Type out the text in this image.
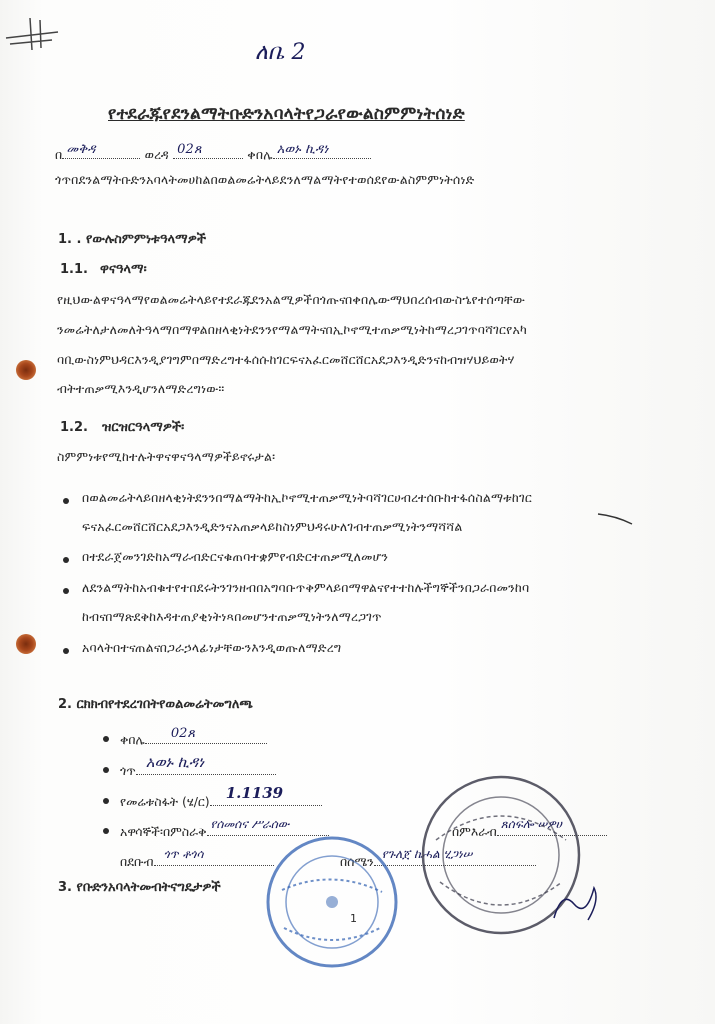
ለቤ 2
የተደራጁየደንልማትቡድንአባላትየጋራየውልስምምነትሰነድ
በ መቅዳ	ወረዳ 02ጸ	ቀበሌ አወኑ ኪዳነ
ጎጥበደንልማትቡድንአባላትመሀከልበወልመሬትላይደንለማልማትየተወሰደየውልስምምነትሰነድ
1. . የውሉስምምነቱዓላማዎች
1.1. ዋናዓላማ፡
የዚህውልዋናዓላማየወልመሬትላይየተደራጁደንአልሚዎችበጎጡናበቀበሌውማህበረሰብውስኄየተሰጣቸው
ንመሬትለታለመለትዓላማበማዋልበዘላቂነትደንንየማልማትናበኢኮኖሚተጠቃሚነትከማረጋገጥባሻገርየአካ
ባቢውስነምህዳርእንዲያገግምበማድረግተፋሰሱከገርፍናአፈርመሸርሸርአደጋእንዲድንናከብዝሃህይወትሃ
ብትተጠቃሚእንዲሆንለማድረግነው።
1.2. ዝርዝርዓላማዎች፡
ስምምነቱየሚከተሉትዋናዋናዓላማዎችይኖሩታል፡
በወልመሬትላይበዘላቂነትደንንበማልማትከኢኮኖሚተጠቃሚነትባሻገርሀብረተሰቡከተፋሰስልማቱከገር
ፍናአፈርመሸርሸርአደጋእንዲድንናአጠቃላይከስነምህዳሩሁለገብተጠቃሚነትንማሻሻል
በተደራጀመንገድከአማራብድርናቁጠባተቋምየብድርተጠቃሚለመሆን
ለደንልማትከአብቁተየተበደሩትንገንዘብበአግባቡጥቅምላይበማዋልናየተተከሉችግኞችንበጋራበመንከባ
ከብናበማጽደቅከእዳተጠያቂነትነጻበመሆንተጠቃሚነትንለማረጋገጥ
አባላትበተናጠልናበጋራኃላፊነታቸውንእንዲወጡለማድረግ
2. ርክክብየተደረገበትየወልመሬትመግለጫ
ቀበሌ 02ጸ
ጎጥ አወኑ ኪዳነ
የመሬቱስፋት (ሄ/ር) 1.1139
አዋሳኞች፡በምስራቅ የሰመሰና ሥራሰው
በደቡብ ጎጥ ቶጎሳ
በምእራብ ጸሰፍሎ ሠዎሀ
በሰሜን የጉለጀ ኬሓል ሂጋነሠ
3. የቡድንአባላትመብትናግዴታዎች
1
